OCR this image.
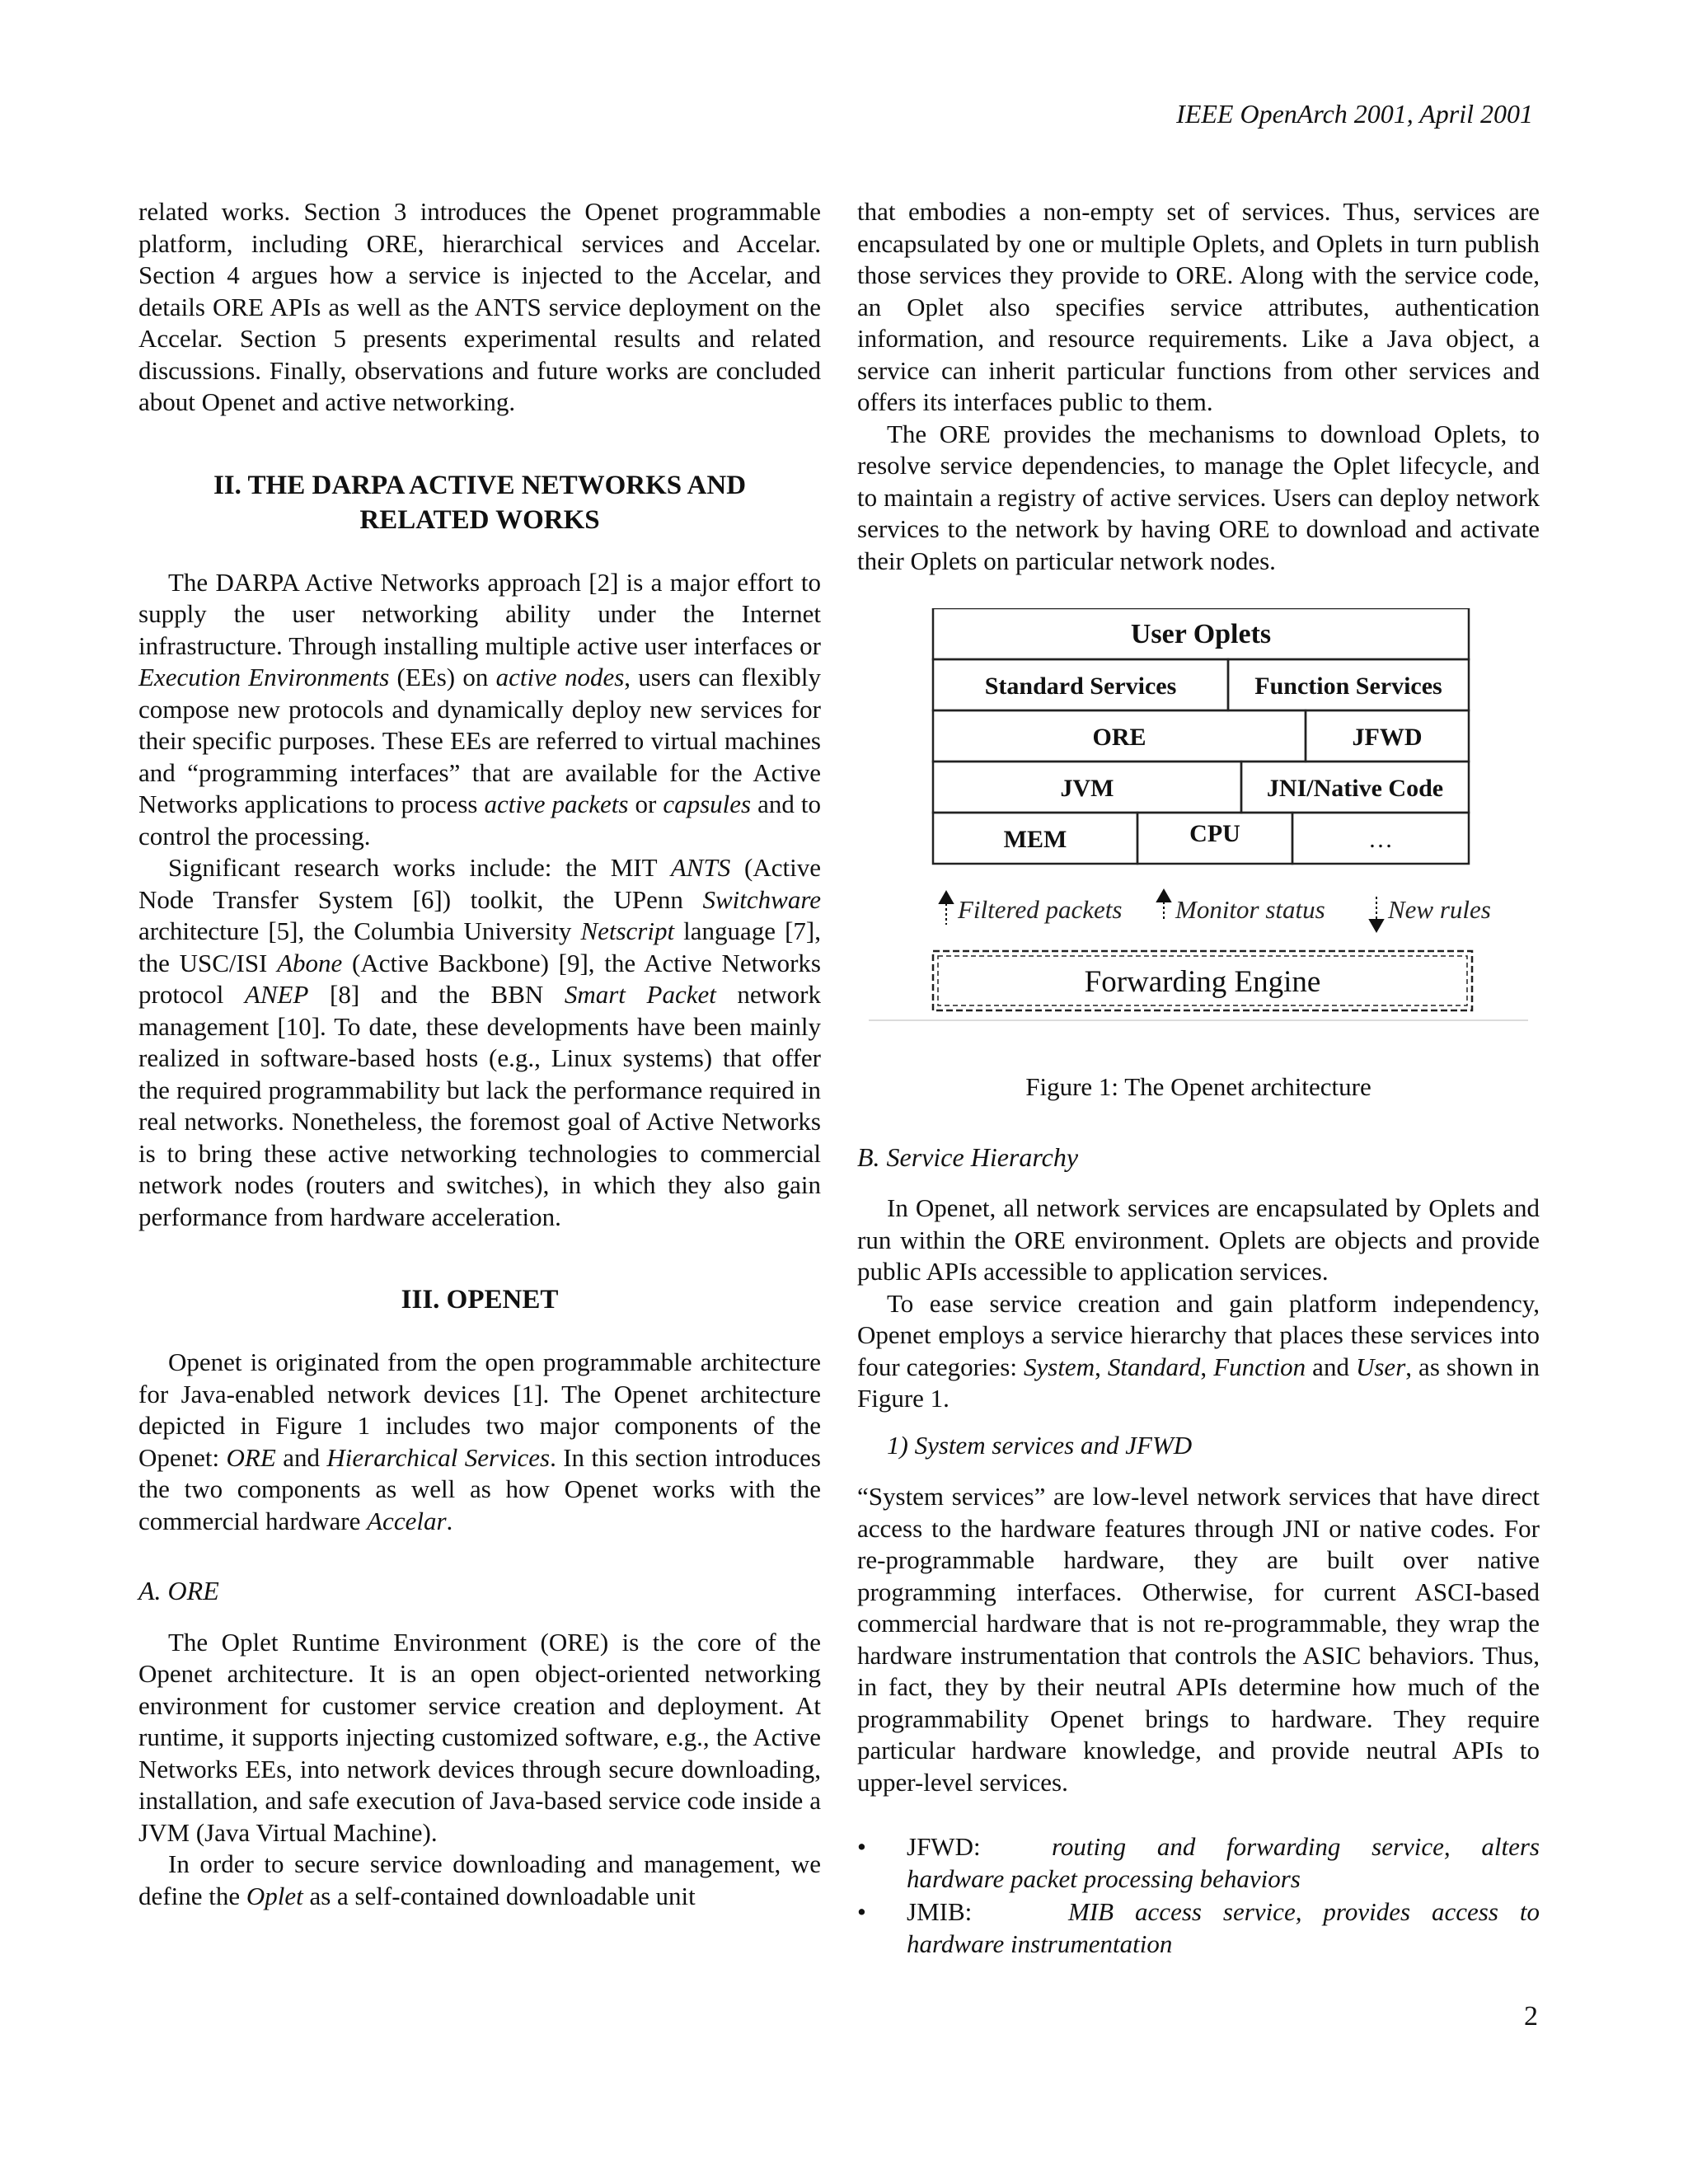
IEEE OpenArch 2001, April 2001

related works. Section 3 introduces the Openet programmable platform, including ORE, hierarchical services and Accelar. Section 4 argues how a service is injected to the Accelar, and details ORE APIs as well as the ANTS service deployment on the Accelar. Section 5 presents experimental results and related discussions. Finally, observations and future works are concluded about Openet and active networking.

II. THE DARPA ACTIVE NETWORKS AND
RELATED WORKS

The DARPA Active Networks approach [2] is a major effort to supply the user networking ability under the Internet infrastructure. Through installing multiple active user interfaces or Execution Environments (EEs) on active nodes, users can flexibly compose new protocols and dynamically deploy new services for their specific purposes. These EEs are referred to virtual machines and “programming interfaces” that are available for the Active Networks applications to process active packets or capsules and to control the processing.

Significant research works include: the MIT ANTS (Active Node Transfer System [6]) toolkit, the UPenn Switchware architecture [5], the Columbia University Netscript language [7], the USC/ISI Abone (Active Backbone) [9], the Active Networks protocol ANEP [8] and the BBN Smart Packet network management [10]. To date, these developments have been mainly realized in software-based hosts (e.g., Linux systems) that offer the required programmability but lack the performance required in real networks. Nonetheless, the foremost goal of Active Networks is to bring these active networking technologies to commercial network nodes (routers and switches), in which they also gain performance from hardware acceleration.

III. OPENET

Openet is originated from the open programmable architecture for Java-enabled network devices [1]. The Openet architecture depicted in Figure 1 includes two major components of the Openet: ORE and Hierarchical Services. In this section introduces the two components as well as how Openet works with the commercial hardware Accelar.

A. ORE

The Oplet Runtime Environment (ORE) is the core of the Openet architecture. It is an open object-oriented networking environment for customer service creation and deployment. At runtime, it supports injecting customized software, e.g., the Active Networks EEs, into network devices through secure downloading, installation, and safe execution of Java-based service code inside a JVM (Java Virtual Machine).

In order to secure service downloading and management, we define the Oplet as a self-contained downloadable unit

that embodies a non-empty set of services. Thus, services are encapsulated by one or multiple Oplets, and Oplets in turn publish those services they provide to ORE. Along with the service code, an Oplet also specifies service attributes, authentication information, and resource requirements. Like a Java object, a service can inherit particular functions from other services and offers its interfaces public to them.

The ORE provides the mechanisms to download Oplets, to resolve service dependencies, to manage the Oplet lifecycle, and to maintain a registry of active services. Users can deploy network services to the network by having ORE to download and activate their Oplets on particular network nodes.

User Oplets
Standard Services	Function Services
ORE	JFWD
JVM	JNI/Native Code
MEM	CPU	…
Filtered packets Monitor status New rules
Forwarding Engine
Figure 1: The Openet architecture
B. Service Hierarchy

In Openet, all network services are encapsulated by Oplets and run within the ORE environment. Oplets are objects and provide public APIs accessible to application services.

To ease service creation and gain platform independency, Openet employs a service hierarchy that places these services into four categories: System, Standard, Function and User, as shown in Figure 1.

1) System services and JFWD

“System services” are low-level network services that have direct access to the hardware features through JNI or native codes. For re-programmable hardware, they are built over native programming interfaces. Otherwise, for current ASCI-based commercial hardware that is not re-programmable, they wrap the hardware instrumentation that controls the ASIC behaviors. Thus, in fact, they by their neutral APIs determine how much of the programmability Openet brings to hardware. They require particular hardware knowledge, and provide neutral APIs to upper-level services.

• JFWD:	routing and forwarding service, alters hardware packet processing behaviors
• JMIB:	MIB access service, provides access to hardware instrumentation
2
